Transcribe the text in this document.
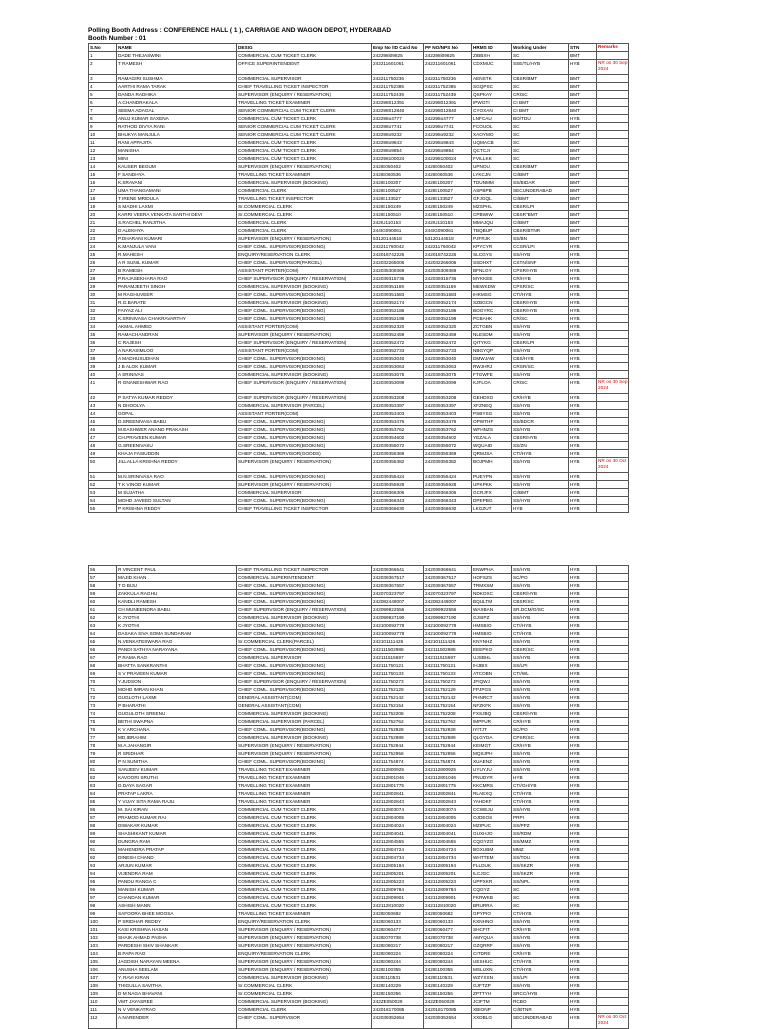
Polling Booth Address : CONFERENCE HALL ( 1 ), CARRIAGE AND WAGON DEPOT, HYDERABAD
Booth Number : 01
S.No	NAME	DESIG	Emp No /ID Card No	PF NO/NPS No	HRMS ID	Working Under	STN	Remarks
1	DADE THEJASWINI	COMMERCIAL CUM TICKET CLERK	242298i09825	242298i09825	ZIBBXH	SC	BMT	
2	T RAMESH	OFFICE SUPERINTENDENT	242211601061	242211601061	CDXMUC	SSE/TL/HYB	HYB	NR on 30 Sep 2024
3	RAMAGIRI SUSHMA	COMMERCIAL SUPERVISOR	242211750236	242211750236	AENSTK	CBSR/BMT	BMT	
4	AARTHI RAMA TARAK	CHIEF TRAVELLING TICKET INSPECTOR	242211752385	242211752385	SGQPSC	SC	BMT	
5	DANDA RADHIKA	SUPERVISOR (ENQUIRY / RESERVATION)	242211752439	242211752439	QSPKAY	CRISC	BMT	
6	A.CHANDRAKALA	TRAVELLING TICKET EXAMINER	242298012391	242298012391	IPWGTI	CI BMT	BMT	
7	SEEMA ADAGAL	SENIOR COMMERCIAL CUM TICKET CLERK	242298012840	242298012840	CYOXAN	CI BMT	BMT	
8	ANUJ KUMAR SAXENA	COMMERCIAL CUM TICKET CLERK	242298o4777	242298o4777	LNFCAU	BO/TDU	HYB	
9	RATHOD DIVYA RANI	SENIOR COMMERCIAL CUM TICKET CLERK	242298o7741	242298o7741	FCOUOL	SC	BMT	
10	BHUKYA MANJULA	SENIOR COMMERCIAL CUM TICKET CLERK	242298o9232	242298o9232	XAOYMO	SC	BMT	
11	RANI APPAJITA	COMMERCIAL CUM TICKET CLERK	242298o9843	242298o9843	UQMACB	SC	BMT	
12	MANISHA	COMMERCIAL CUM TICKET CLERK	242298o9854	242298o9854	QCTCJI	SC	BMT	
13	MINI	COMMERCIAL CUM TICKET CLERK	242298100024	242298100024	FVILLKK	SC	BMT	
14	KAUSER BEGUM	SUPERVISOR (ENQUIRY / RESERVATION)	242IE050402	242IE050402	UPNOU	CBSR/BMT	BMT	
15	F SANDHYA	TRAVELLING TICKET EXAMINER	242IE060536	242IE060536	LYKCJN	CI/BMT	BMT	
16	K.SRAVANI	COMMERCIAL SUPERVISOR (BOOKING)	242IE100207	242IE100207	TDUNMM	SS/BIDAR	BMT	
17	UMA THANGAMANI	COMMERCIAL CLERK	242IE100527	242IE100527	ASPBPB	SECUNDERABAD	BMT	
18	T IRENE MRIDULA	TRAVELLING TICKET INSPECTOR	242IE133527	242IE133527	GFJGQL	CI/BMT	BMT	
19	S MADHI LAXMI	Sr.COMMERCIAL CLERK	242IE150249	242IE150249	MZSPHL	CBSR/LPI	BMT	
20	KARRI VEERA VENKATA SANTHI DEVI	Sr.COMMERCIAL CLERK	242IE150510	242IE150510	CPBWIW	CBSR"BMT	BMT	
21	S.RACHEL RANJITHA	COMMERCIAL CLERK	242IU110153	242IU110153	MMAJQU	CI/BMT	BMT	
22	D ALEKHYA	COMMERCIAL CLERK	244IG090061	244IG090061	TBQBUP	CBSR/BTNR	BMT	
23	P.DHARANI KUMARI	SUPERVISOR (ENQUIRY / RESERVATION)	53120144518	53120144518	PJFRJK	SS/BN	BMT	
24	K.MANJULA VANI	CHIEF COML. SUPERVISOR(BOOKING)	242211760042	242211760042	KPYCYR	CCSR/LPI	HYB	
25	R.MAHESH	ENQUIRY/RESERVATION CLERK	242018742226	242018742226	SLCGYS	SS/HYB	HYB	
26	A R SUNIL KUMAR	CHIEF COML. SUPERVISOR(PARCEL)	242032265006	242032265006	SSDHXT	CSTN/SNF	HYB	
27	B RAMESH	ASSISTANT PORTER(COM)	242035309369	242035309369	BFNLGY	CPSR/HYB	HYB	
28	P.RAJASEKHARA RAO	CHIEF SUPERVISOR (ENQUIRY / RESERVATION)	242039315736	242039315736	MYKKEE	CR/HYB	HYB	
29	PARAMJEETH SINGH	COMMERCIAL SUPERVISOR (BOOKING)	242039351169	242039351169	MEWKDW	CPSR/SC	HYB	
30	M RAGHUVEER	CHIEF COML. SUPERVISOR(BOOKING)	242039351583	242039351583	IHKMSG	CTI/HYB	HYB	
31	R.G.BARATE	COMMERCIAL SUPERVISOR (BOOKING)	242039352174	242039352174	SZBGCN	CBSR/HYB	HYB	
32	FAIYAZ ALI	CHIEF COML. SUPERVISOR(BOOKING)	242039352186	242039352186	BOGYRC	CBSR/HYB	HYB	
33	K.SRINIVASA CHAKRAVARTHY	CHIEF COML. SUPERVISOR(BOOKING)	242039352198	242039352198	PCBAHK	CR/SC	HYB	
34	AKMAL AHMED	ASSISTANT PORTER(COM)	242039352320	242039352320	ZCTGBN	SS/HYB	HYB	
35	RAMACHANDRAN	SUPERVISOR (ENQUIRY / RESERVATION)	242039352459	242039352459	NLESDM	SS/HYB	HYB	
36	C RAJESH	CHIEF SUPERVISOR (ENQUIRY / RESERVATION)	242039352472	242039352472	QITYKG	CBSR/LPI	HYB	
37	A NARASIMLOO	ASSISTANT PORTER(COM)	242039352733	242039352733	NBGYQP	SS/HYB	HYB	
38	A MADHUSUDHAN	CHIEF COML. SUPERVISOR(BOOKING)	242039353040	242039353040	DMWJAW	CBS/HYB	HYB	
39	J B ALOK KUMAR	CHIEF COML. SUPERVISOR(BOOKING)	242039353063	242039353063	RWJHRJ	CRSR/SC	HYB	
40	A SRINIVAS	COMMERCIAL SUPERVISOR (BOOKING)	242039353075	242039353075	FTGWFE	SS/HYB	HYB	
41	R GNANESHWAR RAO	CHIEF SUPERVISOR (ENQUIRY / RESERVATION)	242039353099	242039353099	KJFLOA	CRISC	HYB	NR on 30 Sep 2024
42	P SATYA KUMAR REDDY	CHIEF SUPERVISOR (ENQUIRY / RESERVATION)	242039353208	242039353208	GEHDXG	CR/HYB	HYB	
43	N DHOOLYA	COMMERCIAL SUPERVISOR (PARCEL)	242039353397	242039353397	XFZNEQ	SS/HYB	HYB	
44	GOPAL	ASSISTANT PORTER(COM)	242039353403	242039353403	PSBYSG	SS/HYB	HYB	
45	D.SREENIVASA BABU	CHIEF COML. SUPERVISOR(BOOKING)	242039353476	242039353476	OPWTHF	SS/BDCR	HYB	
46	M.EASHWER ANAND PRAKASH	CHIEF COML. SUPERVISOR(BOOKING)	242039353762	242039353762	WFHNZS	SS/HYB	HYB	
47	CH.PRAVEEN KUMAR	CHIEF COML. SUPERVISOR(BOOKING)	242039354602	242039354602	YEZALA	CBSR/HYB	HYB	
48	G.SREENIVASU	CHIEF COML. SUPERVISOR(BOOKING)	242039355072	242039355072	WQUAID	SS/ZN	HYB	
49	KHAJA FASIUDDIN	CHIEF COML. SUPERVISOR(GOODS)	242039355369	242039355369	QRMJSA	CTI/HYB	HYB	
50	JILLALLA KRISHNA REDDY	SUPERVISOR (ENQUIRY / RESERVATION)	242039355382	242039355382	BOJPMH	SS/HYB	HYB	NR on 30 Oct 2024
51	M.N.SRINIVASA RAO	CHIEF COML. SUPERVISOR(BOOKING)	242039355424	242039355424	PUEYPN	SS/HYB	HYB	
52	T K VINOD KUMAR	SUPERVISOR (ENQUIRY / RESERVATION)	242039355928	242039355928	UPKPKK	SS/HYB	HYB	
53	M SUJATHA	COMMERCIAL SUPERVISOR	242039366306	242039366306	GCRJFX	CI/BMT	HYB	
54	MOHD JAVEED SULTAN	CHIEF COML. SUPERVISOR(BOOKING)	242039366343	242039366343	DPEPBG	SS/HYB	HYB	
55	P KRISHNA REDDY	CHIEF TRAVELLING TICKET INSPECTOR	242039366630	242039366630	LKGZUT	HYB	HYB	
56	R VINCENT PAUL	CHIEF TRAVELLING TICKET INSPECTOR	242039366641	242039366641	ENWPHA	SS/HYB	HYB	
57	MAJID KHAN	COMMERCIAL SUPERINTENDENT	242039367517	242039367517	HOFSZS	SC/PO	HYB	
58	T D BIJU	CHIEF COML. SUPERVISOR(BOOKING)	242039367657	242039367657	TRMXSM	SS/HYB	HYB	
59	ZAKKULA RAGHU	CHIEF COML. SUPERVISOR(BOOKING)	242070323797	242070323797	NDKOXC	CBSR/HYB	HYB	
60	KANDLI RAMESH	CHIEF COML. SUPERVISOR(BOOKING)	242082448007	242082448007	BQULTM	CBSR/SC	HYB	
61	CH MUNEENDRA BABU	CHIEF SUPERVISOR (ENQUIRY / RESERVATION)	242099922556	242099922556	WAXBAN	SR.DCM/O/SC	HYB	
62	K JYOTHI	COMMERCIAL SUPERVISOR (BOOKING)	242099927190	242099927190	GJSIPZ	SS/HYB	HYB	
63	K JYOTHI	CHIEF COML. SUPERVISOR(BOOKING)	242100092778	242100092778	HMSBIO	CTI/HYB	HYB	
64	DASAKA SIVA SOMA SUNDARAM	CHIEF COML. SUPERVISOR(BOOKING)	242100092778	242100092778	HMSBIO	CTI/HYB	HYB	
65	N.VENKATESWARA RAO	Sr.COMMERCIAL CLERK(PARCEL)	242101111426	242101111426	KNYNHZ	SS/HYB	HYB	
66	PANDI SATHYA NARAYANA	CHIEF COML. SUPERVISOR(BOOKING)	242111502988	242111502988	EEEPKO	CBSR/SC	HYB	
67	P RAMA RAO	COMMERCIAL SUPERVISOR	242111515697	242111515697	UJSBHL	SS/HYB	HYB	
68	BHATTA SANKRANTHI	CHIEF COML. SUPERVISOR(BOOKING)	242111750121	242111750121	IHJBIX	SS/LPI	HYB	
69	S V PRAVEEN KUMAR	CHIEF COML. SUPERVISOR(BOOKING)	242111750133	242111750133	ATCOBN	CTI/WL	HYB	
70	Y.JUDSON	CHIEF SUPERVISOR (ENQUIRY / RESERVATION)	242111750273	242111750273	JFIQWJ	SS/HYB	HYB	
71	MOHD IMRAN KHAN	CHIEF COML. SUPERVISOR(BOOKING)	242111752129	242111752129	FPJPGS	SS/HYB	HYB	
72	GUGLOTH LAXMI	GENERAL ASSISTANT(COM)	242111752142	242111752142	PHNRCT	SS/HYB	HYB	
73	P BHARATHI	GENERAL ASSISTANT(COM)	242111752154	242111752154	NFZKFK	SS/HYB	HYB	
74	GUGULOTH SREENU	COMMERCIAL SUPERVISOR (BOOKING)	242111752208	242111752208	FXSJBQ	CBSR/HYB	HYB	
75	BETHI SWAPNA	COMMERCIAL SUPERVISOR (PARCEL)	242111752762	242111752762	IMPFUR	CR/HYB	HYB	
76	K V ARCHANA	CHIEF COML. SUPERVISOR(BOOKING)	242111752828	242111752828	IYITJT	SC/PO	HYB	
77	MD.IBRAHIM	COMMERCIAL SUPERVISOR (BOOKING)	242111752889	242111752889	QLGYDA	CPSR/SC	HYB	
78	M.A.JAHANGIR	SUPERVISOR (ENQUIRY / RESERVATION)	242111752944	242111752944	KEIMGT	CR/HYB	HYB	
79	R SRIDHAR	SUPERVISOR (ENQUIRY / RESERVATION)	242111752956	242111752956	MQSJPH	SS/HYB	HYB	
80	P N SUNITHA	CHIEF COML. SUPERVISOR(BOOKING)	242111754874	242111754874	XUAENZ	SS/HYB	HYB	
81	SANJEEV KUMAR	TRAVELLING TICKET EXAMINER	242112800925	242112800925	UYUYJU	SS/HYB	HYB	
82	KAVOORI SRUTHI	TRAVELLING TICKET EXAMINER	242112801046	242112801046	PNUDYR	HYB	HYB	
83	D.DAYA SAGAR	TRAVELLING TICKET EXAMINER	242112801775	242112801775	KKCMRS	CTI/GH/YB	HYB	
84	PRATAP LAKRA	TRAVELLING TICKET EXAMINER	242112802841	242112802841	RLAEXQ	CTI/HYB	HYB	
85	Y VIJAY SITA RAMA RAJU.	TRAVELLING TICKET EXAMINER	242112802843	242112802843	YAHDKF	CTI/HYB	HYB	
86	M. SAI KIRAN	COMMERCIAL CUM TICKET CLERK	242112803074	242112803074	CCWEJU	SS/HYB	HYB	
87	PRAMOD KUMAR RAI	COMMERCIAL CUM TICKET CLERK	242112804005	242112804005	OJDEOS	PRPI	HYB	
88	DIWAKAR KUMAR	COMMERCIAL CUM TICKET CLERK	242112804024	242112804024	MZIPUC	SS/PPZ	HYB	
89	SHASHIKANT KUMAR	COMMERCIAL CUM TICKET CLERK	242112804041	242112804041	GUXHJO	SS/RDM	HYB	
90	DUNGRA RAM	COMMERCIAL CUM TICKET CLERK	242112804555	242112804555	CQGYZO	SS/MMZ	HYB	
91	MAHENDRA PRATAP	COMMERCIAL CUM TICKET CLERK	242112804724	242112804724	BGXUBM	MMZ	HYB	
92	DINESH CHAND	COMMERCIAL CUM TICKET CLERK	242112804734	242112804734	WHTTEM	SS/TDU	HYB	
93	ARJUN KUMAR	COMMERCIAL CUM TICKET CLERK	242112805194	242112805194	FLLDUK	SS/SKZR	HYB	
94	VIJENDRA RAM	COMMERCIAL CUM TICKET CLERK	242112805201	242112805201	ILCJGC	SS/SKZR	HYB	
95	PANDU RANGA C	COMMERCIAL CUM TICKET CLERK	242112805223	242112805223	UPPXKR	SS/NPL	HYB	
96	MANISH KUMAR	COMMERCIAL CUM TICKET CLERK	242112809784	242112809784	CQGYZ	SC	HYB	
97	CHANDAN KUMAR	COMMERCIAL CUM TICKET CLERK	242112809901	242112809901	FKRWKB	SC	HYB	
98	ASHISH MANN	COMMERCIAL CUM TICKET CLERK	242112810020	242112810020	BRURRA	SC	HYB	
99	SAFOORA BHEE MOOSA	TRAVELLING TICKET EXAMINER	242IE050682	242IE050682	GPYPIO	CTI/HYB	HYB	
100	P SRIDHAR REDDY	ENQUIRY/RESERVATION CLERK	242IE060133	242IE060133	KXNHNO	SS/HYB	HYB	
101	KASI KRISHNA HASAN	SUPERVISOR (ENQUIRY / RESERVATION)	242IE060477	242IE060477	SHCFIT	CR/HYB	HYB	
102	SHAIK AHMAD PASHA	SUPERVISOR (ENQUIRY / RESERVATION)	242IE070738	242IE070738	AMYQUA	SS/HYB	HYB	
103	PARDESHI SHIV SHANKAR	SUPERVISOR (ENQUIRY / RESERVATION)	242IE080217	242IE080217	GZQRRF	SS/HYB	HYB	
104	B.PAPA RAO	ENQUIRY/RESERVATION CLERK	242IE080224	242IE080224	CITDRE	CR/HYB	HYB	
105	JAGDISH NARAYAN MEENA	SUPERVISOR (ENQUIRY / RESERVATION)	242IE080244	242IE080244	UESHUC	CTI/HYB	HYB	
106	ANUSHA SEELAM	SUPERVISOR (ENQUIRY / RESERVATION)	242IE100355	242IE100355	MSLUXN	CTI/HYB	HYB	
107	Y. RAVI KIRAN	COMMERCIAL SUPERVISOR (BOOKING)	242IE110531	242IE110531	WZYXSN	SS/LPI	HYB	
108	THIGULLA SAVITHA	Sr.COMMERCIAL CLERK	242IE140229	242IE140229	GJFTZP	SS/HYB	HYB	
109	D M NAGA BHAVANI	Sr.COMMERCIAL CLERK	242IE150256	242IE150256	ZPTTYH	SRCC/HYB	HYB	
110	VMT JAYASREE	COMMERCIAL SUPERVISOR (BOOKING)	242ZE050029	242ZE050029	JCIFTM	RCBO	HYB	
111	N V VENKATRAO	COMMERCIAL CLERK	242018170085	242018170085	XBIONP	CI/BTNR	HYB	
112	A.NARENDER	CHIEF COML. SUPERVISOR	242039352654	242039352654	XXDBLG	SECUNDERABAD	HYB	NR on 30 Oct 2024
